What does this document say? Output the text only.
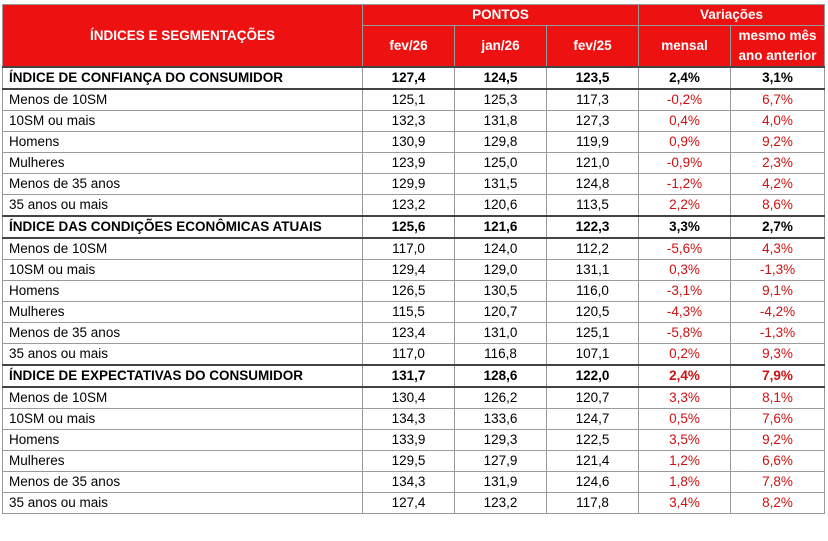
ÍNDICES E SEGMENTAÇÕES	PONTOS			Variações	
	fev/26	jan/26	fev/25	mensal	mesmo mês ano anterior
ÍNDICE DE CONFIANÇA DO CONSUMIDOR	127,4	124,5	123,5	2,4%	3,1%
Menos de 10SM	125,1	125,3	117,3	-0,2%	6,7%
10SM ou mais	132,3	131,8	127,3	0,4%	4,0%
Homens	130,9	129,8	119,9	0,9%	9,2%
Mulheres	123,9	125,0	121,0	-0,9%	2,3%
Menos de 35 anos	129,9	131,5	124,8	-1,2%	4,2%
35 anos ou mais	123,2	120,6	113,5	2,2%	8,6%
ÍNDICE DAS CONDIÇÕES ECONÔMICAS ATUAIS	125,6	121,6	122,3	3,3%	2,7%
Menos de 10SM	117,0	124,0	112,2	-5,6%	4,3%
10SM ou mais	129,4	129,0	131,1	0,3%	-1,3%
Homens	126,5	130,5	116,0	-3,1%	9,1%
Mulheres	115,5	120,7	120,5	-4,3%	-4,2%
Menos de 35 anos	123,4	131,0	125,1	-5,8%	-1,3%
35 anos ou mais	117,0	116,8	107,1	0,2%	9,3%
ÍNDICE DE EXPECTATIVAS DO CONSUMIDOR	131,7	128,6	122,0	2,4%	7,9%
Menos de 10SM	130,4	126,2	120,7	3,3%	8,1%
10SM ou mais	134,3	133,6	124,7	0,5%	7,6%
Homens	133,9	129,3	122,5	3,5%	9,2%
Mulheres	129,5	127,9	121,4	1,2%	6,6%
Menos de 35 anos	134,3	131,9	124,6	1,8%	7,8%
35 anos ou mais	127,4	123,2	117,8	3,4%	8,2%
